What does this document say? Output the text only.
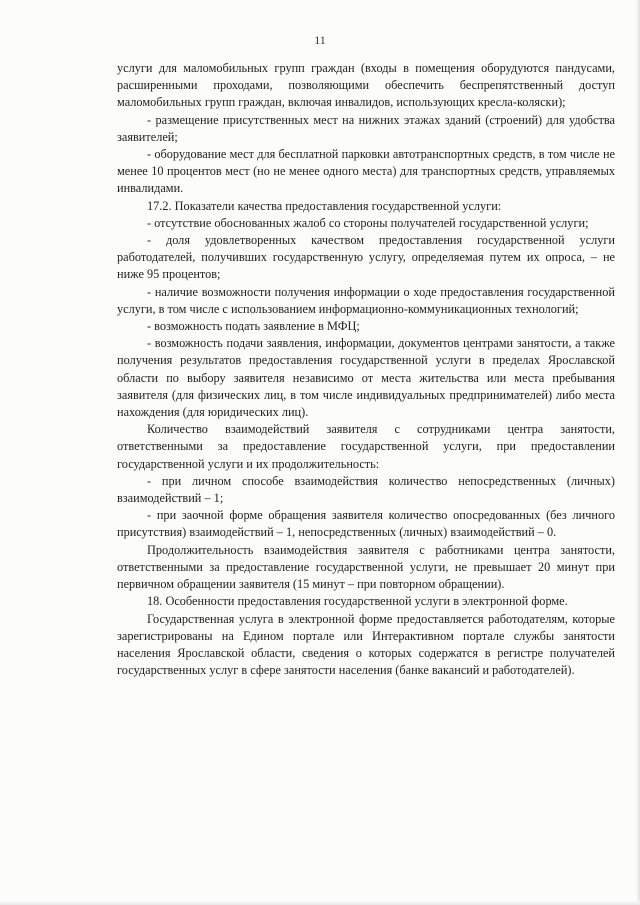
11

услуги для маломобильных групп граждан (входы в помещения оборудуются пандусами, расширенными проходами, позволяющими обеспечить беспрепятственный доступ маломобильных групп граждан, включая инвалидов, использующих кресла-коляски);

- размещение присутственных мест на нижних этажах зданий (строений) для удобства заявителей;

- оборудование мест для бесплатной парковки автотранспортных средств, в том числе не менее 10 процентов мест (но не менее одного места) для транспортных средств, управляемых инвалидами.

17.2. Показатели качества предоставления государственной услуги:

- отсутствие обоснованных жалоб со стороны получателей государственной услуги;

- доля удовлетворенных качеством предоставления государственной услуги работодателей, получивших государственную услугу, определяемая путем их опроса, – не ниже 95 процентов;

- наличие возможности получения информации о ходе предоставления государственной услуги, в том числе с использованием информационно-коммуникационных технологий;

- возможность подать заявление в МФЦ;

- возможность подачи заявления, информации, документов центрами занятости, а также получения результатов предоставления государственной услуги в пределах Ярославской области по выбору заявителя независимо от места жительства или места пребывания заявителя (для физических лиц, в том числе индивидуальных предпринимателей) либо места нахождения (для юридических лиц).

Количество взаимодействий заявителя с сотрудниками центра занятости, ответственными за предоставление государственной услуги, при предоставлении государственной услуги и их продолжительность:

- при личном способе взаимодействия количество непосредственных (личных) взаимодействий – 1;

- при заочной форме обращения заявителя количество опосредованных (без личного присутствия) взаимодействий – 1, непосредственных (личных) взаимодействий – 0.

Продолжительность взаимодействия заявителя с работниками центра занятости, ответственными за предоставление государственной услуги, не превышает 20 минут при первичном обращении заявителя (15 минут – при повторном обращении).

18. Особенности предоставления государственной услуги в электронной форме.

Государственная услуга в электронной форме предоставляется работодателям, которые зарегистрированы на Едином портале или Интерактивном портале службы занятости населения Ярославской области, сведения о которых содержатся в регистре получателей государственных услуг в сфере занятости населения (банке вакансий и работодателей).
